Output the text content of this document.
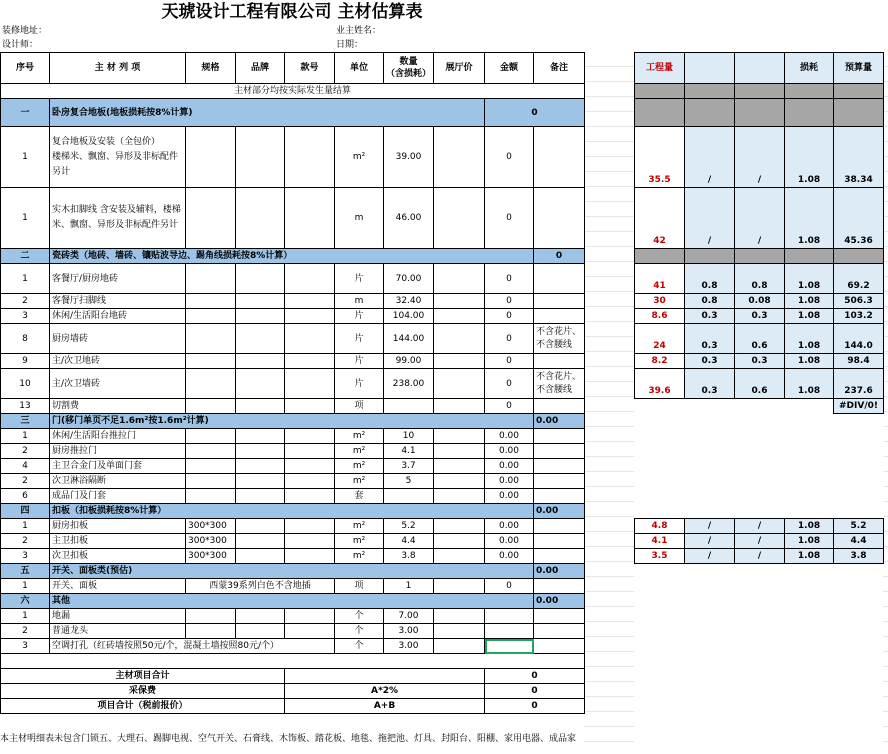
天琥设计工程有限公司 主材估算表
装修地址：	业主姓名：
设计师：	日期：
序号	主 材 列 项	规格	品牌	款号	单位	数量
（含损耗）	展厅价	金额	备注
主材部分均按实际发生量结算									
一	卧房复合地板(地板损耗按8%计算)							0	
1	复合地板及安装（全包价）
楼梯米、飘窗、异形及非标配件
另计				m²	39.00		0	
1	实木扣脚线 含安装及辅料，楼梯
米、飘窗、异形及非标配件另计				m	46.00		0	
二	瓷砖类（地砖、墙砖、镶贴波导边、踢角线损耗按8%计算）								0
1	客餐厅/厨房地砖				片	70.00		0	
2	客餐厅扫脚线				m	32.40		0	
3	休闲/生活阳台地砖				片	104.00		0	
8	厨房墙砖				片	144.00		0	不含花片、
不含腰线
9	主/次卫地砖				片	99.00		0	
10	主/次卫墙砖				片	238.00		0	不含花片、
不含腰线
13	切割费				项			0	
三	门(移门单页不足1.6m²按1.6m²计算)								0.00
1	休闲/生活阳台推拉门				m²	10		0.00	
2	厨房推拉门				m²	4.1		0.00	
4	主卫合金门及单面门套				m²	3.7		0.00	
2	次卫淋浴隔断				m²	5		0.00	
6	成品门及门套				套			0.00	
四	扣板（扣板损耗按8%计算）								0.00
1	厨房扣板	300*300			m²	5.2		0.00	
2	主卫扣板	300*300			m²	4.4		0.00	
3	次卫扣板	300*300			m²	3.8		0.00	
五	开关、面板类(预估)								0.00
1	开关、面板	西蒙39系列白色不含地插			项	1		0	
六	其他								0.00
1	地漏				个	7.00			
2	普通龙头				个	3.00			
3	空调打孔（红砖墙按照50元/个，混凝土墙按照80元/个）				个	3.00			

主材项目合计								0	
采保费				A*2%				0	
项目合计（税前报价）				A+B				0	
本主材明细表未包含门锁五、大理石、踢脚电视、空气开关、石膏线、木饰板、踏花板、地毯、拖把池、灯具、封阳台、阳棚、家用电器、成品家
工程量			损耗	预算量

35.5	/	/	1.08	38.34
42	/	/	1.08	45.36

41	0.8	0.8	1.08	69.2
30	0.8	0.08	1.08	506.3
8.6	0.3	0.3	1.08	103.2
24	0.3	0.6	1.08	144.0
8.2	0.3	0.3	1.08	98.4
39.6	0.3	0.6	1.08	237.6
				#DIV/0!

4.8	/	/	1.08	5.2
4.1	/	/	1.08	4.4
3.5	/	/	1.08	3.8
